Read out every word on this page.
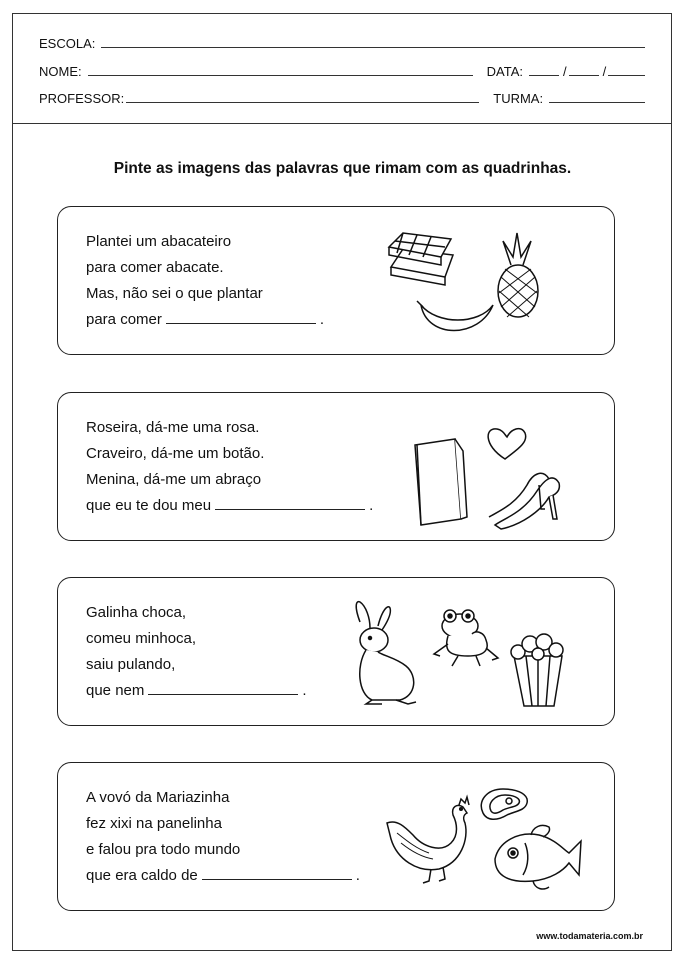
ESCOLA:
NOME:	DATA:	/	/
PROFESSOR:	TURMA:
Pinte as imagens das palavras que rimam com as quadrinhas.
Plantei um abacateiro
para comer abacate.
Mas, não sei o que plantar
para comer	.
Roseira, dá-me uma rosa.
Craveiro, dá-me um botão.
Menina, dá-me um abraço
que eu te dou meu	.
Galinha choca,
comeu minhoca,
saiu pulando,
que nem	.
A vovó da Mariazinha
fez xixi na panelinha
e falou pra todo mundo
que era caldo de	.
www.todamateria.com.br
